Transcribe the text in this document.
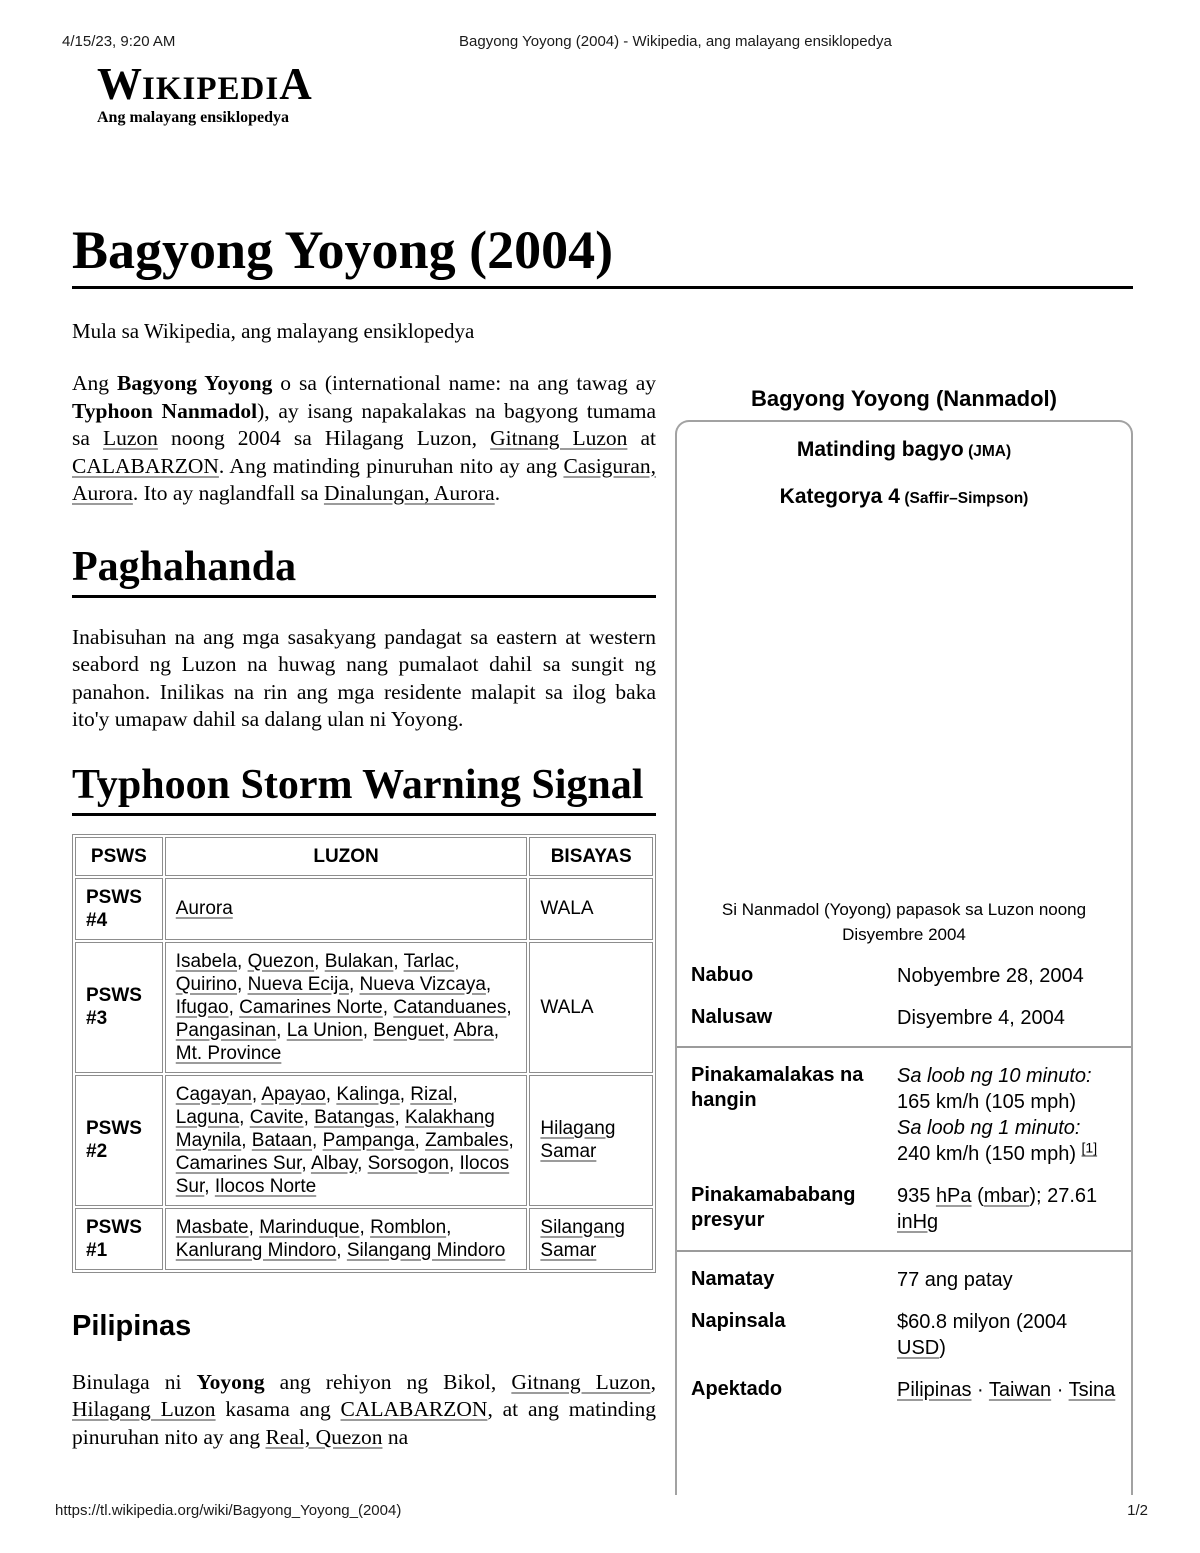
4/15/23, 9:20 AM	Bagyong Yoyong (2004) - Wikipedia, ang malayang ensiklopedya
WIKIPEDIA
Ang malayang ensiklopedya
Bagyong Yoyong (2004)
Mula sa Wikipedia, ang malayang ensiklopedya

Ang Bagyong Yoyong o sa (international name: na ang tawag ay Typhoon Nanmadol), ay isang napakalakas na bagyong tumama sa Luzon noong 2004 sa Hilagang Luzon, Gitnang Luzon at CALABARZON. Ang matinding pinuruhan nito ay ang Casiguran, Aurora. Ito ay naglandfall sa Dinalungan, Aurora.

Paghahanda

Inabisuhan na ang mga sasakyang pandagat sa eastern at western seabord ng Luzon na huwag nang pumalaot dahil sa sungit ng panahon. Inilikas na rin ang mga residente malapit sa ilog baka ito'y umapaw dahil sa dalang ulan ni Yoyong.

Typhoon Storm Warning Signal
PSWS	LUZON	BISAYAS
PSWS #4	Aurora	WALA
PSWS #3	Isabela, Quezon, Bulakan, Tarlac, Quirino, Nueva Ecija, Nueva Vizcaya, Ifugao, Camarines Norte, Catanduanes, Pangasinan, La Union, Benguet, Abra, Mt. Province	WALA
PSWS #2	Cagayan, Apayao, Kalinga, Rizal, Laguna, Cavite, Batangas, Kalakhang Maynila, Bataan, Pampanga, Zambales, Camarines Sur, Albay, Sorsogon, Ilocos Sur, Ilocos Norte	Hilagang Samar
PSWS #1	Masbate, Marinduque, Romblon, Kanlurang Mindoro, Silangang Mindoro	Silangang Samar
Pilipinas

Binulaga ni Yoyong ang rehiyon ng Bikol, Gitnang Luzon, Hilagang Luzon kasama ang CALABARZON, at ang matinding pinuruhan nito ay ang Real, Quezon na

Bagyong Yoyong (Nanmadol)
Matinding bagyo (JMA)
Kategorya 4 (Saffir–Simpson)
Si Nanmadol (Yoyong) papasok sa Luzon noong Disyembre 2004
Nabuo	Nobyembre 28, 2004
Nalusaw	Disyembre 4, 2004

Pinakamalakas na hangin	Sa loob ng 10 minuto:
165 km/h (105 mph)
Sa loob ng 1 minuto:
240 km/h (150 mph) [1]

Pinakamababang presyur	935 hPa (mbar); 27.61 inHg

Namatay	77 ang patay
Napinsala	$60.8 milyon (2004 USD)
Apektado	Pilipinas · Taiwan · Tsina
https://tl.wikipedia.org/wiki/Bagyong_Yoyong_(2004)	1/2
